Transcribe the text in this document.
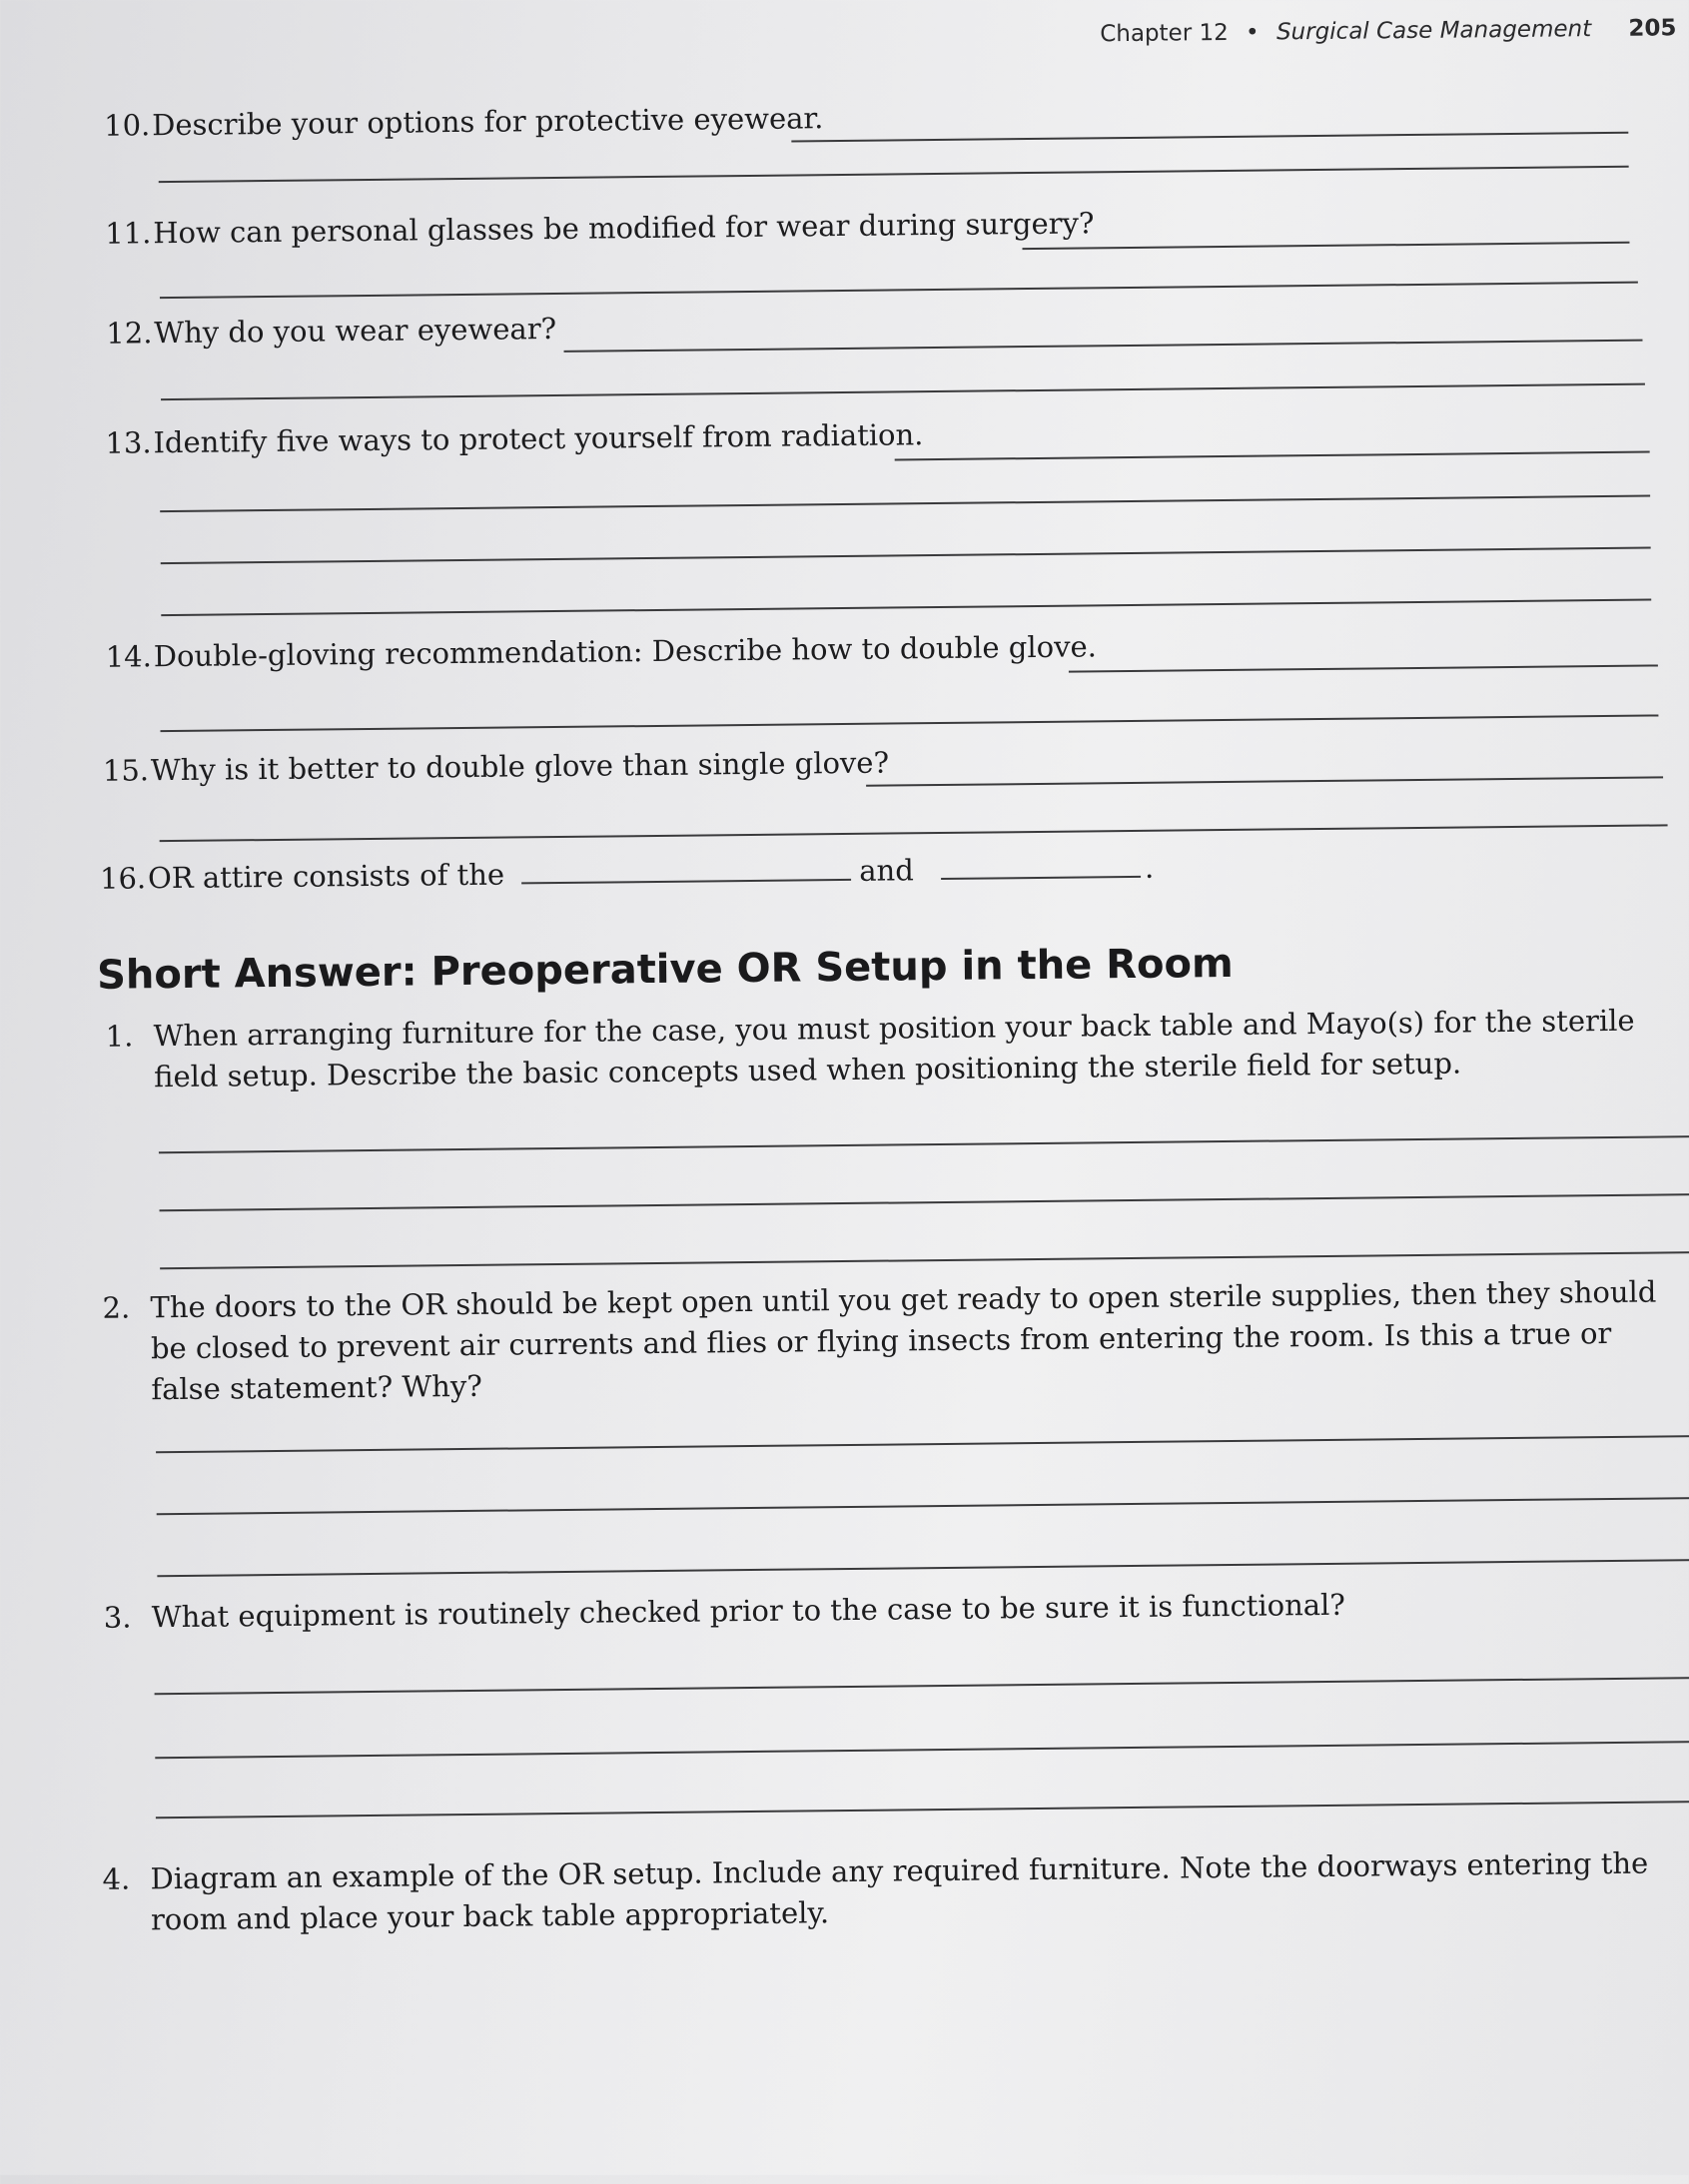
Chapter 12 • Surgical Case Management 205
10.Describe your options for protective eyewear.
11.How can personal glasses be modified for wear during surgery?
12.Why do you wear eyewear?
13.Identify five ways to protect yourself from radiation.
14.Double-gloving recommendation: Describe how to double glove.
15.Why is it better to double glove than single glove?
16.OR attire consists of the	and	.
Short Answer: Preoperative OR Setup in the Room
1. When arranging furniture for the case, you must position your back table and Mayo(s) for the sterile field setup. Describe the basic concepts used when positioning the sterile field for setup.
2. The doors to the OR should be kept open until you get ready to open sterile supplies, then they should be closed to prevent air currents and flies or flying insects from entering the room. Is this a true or false statement? Why?
3. What equipment is routinely checked prior to the case to be sure it is functional?
4. Diagram an example of the OR setup. Include any required furniture. Note the doorways entering the room and place your back table appropriately.
